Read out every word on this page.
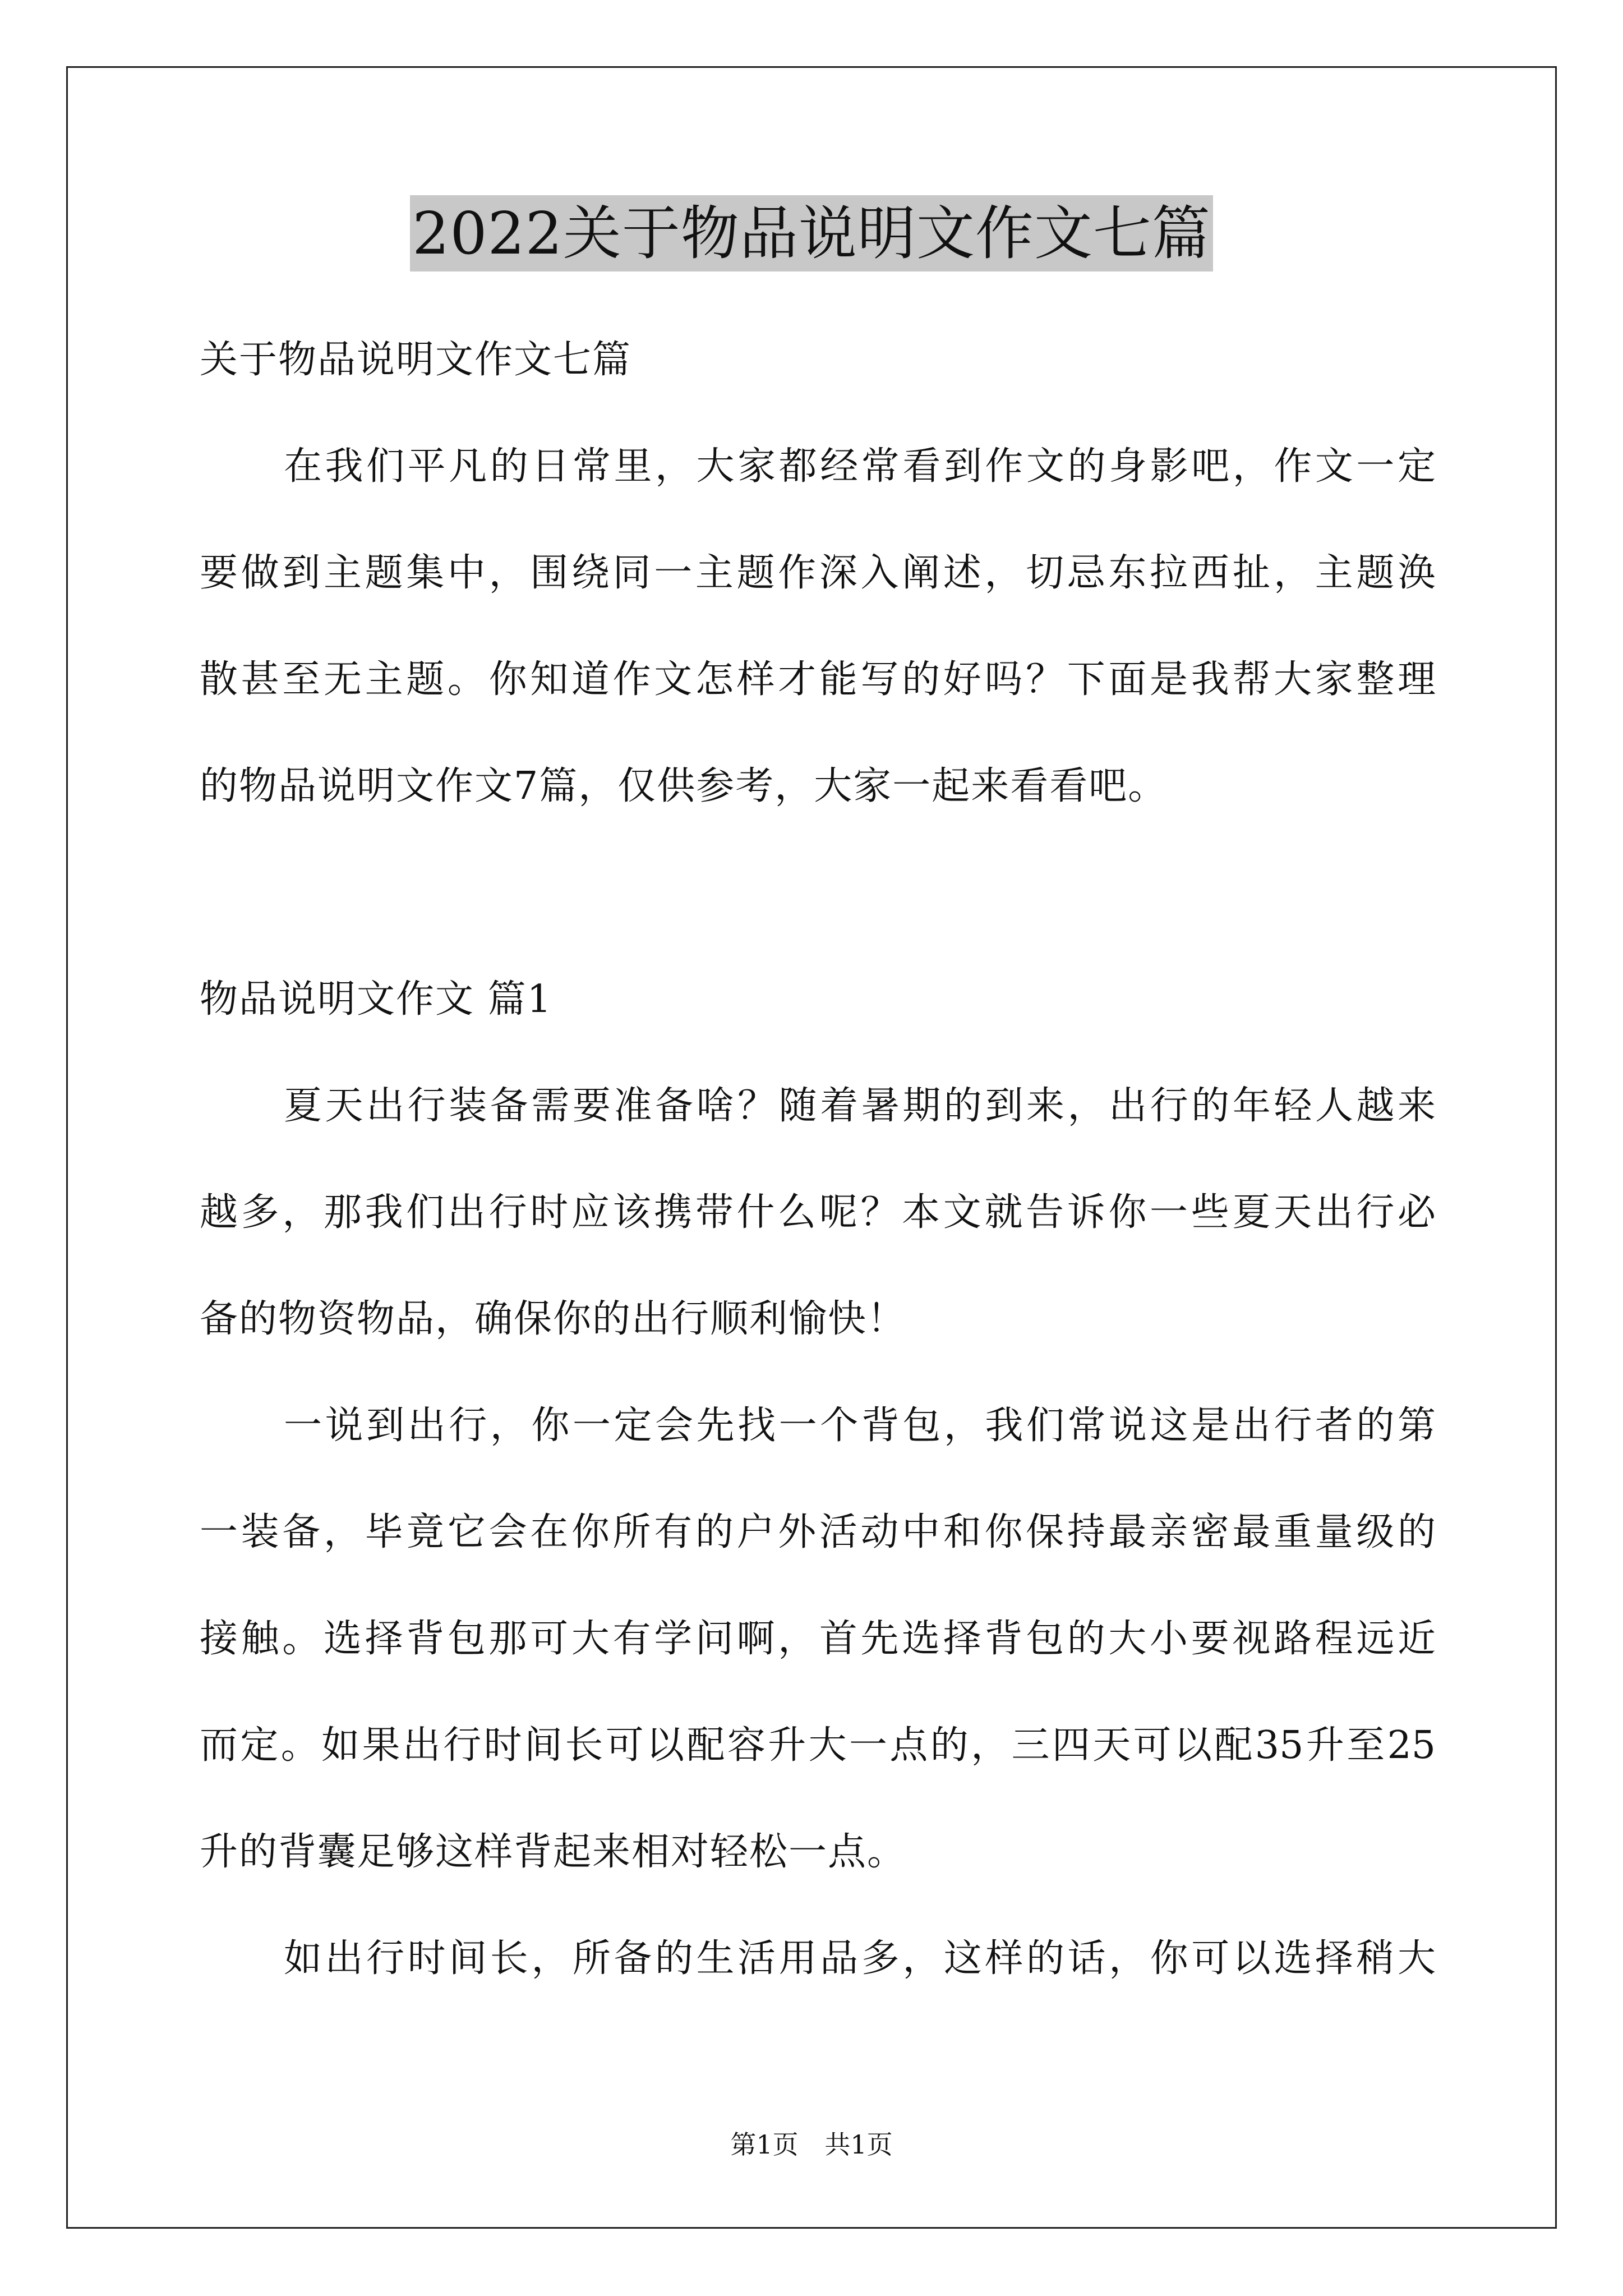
2022关于物品说明文作文七篇
关于物品说明文作文七篇
在我们平凡的日常里，大家都经常看到作文的身影吧，作文一定
要做到主题集中，围绕同一主题作深入阐述，切忌东拉西扯，主题涣
散甚至无主题。你知道作文怎样才能写的好吗？下面是我帮大家整理
的物品说明文作文7篇，仅供参考，大家一起来看看吧。
物品说明文作文 篇1
夏天出行装备需要准备啥？随着暑期的到来，出行的年轻人越来
越多，那我们出行时应该携带什么呢？本文就告诉你一些夏天出行必
备的物资物品，确保你的出行顺利愉快！
一说到出行，你一定会先找一个背包，我们常说这是出行者的第
一装备，毕竟它会在你所有的户外活动中和你保持最亲密最重量级的
接触。选择背包那可大有学问啊，首先选择背包的大小要视路程远近
而定。如果出行时间长可以配容升大一点的，三四天可以配35升至25
升的背囊足够这样背起来相对轻松一点。
如出行时间长，所备的生活用品多，这样的话，你可以选择稍大
第1页 共1页
